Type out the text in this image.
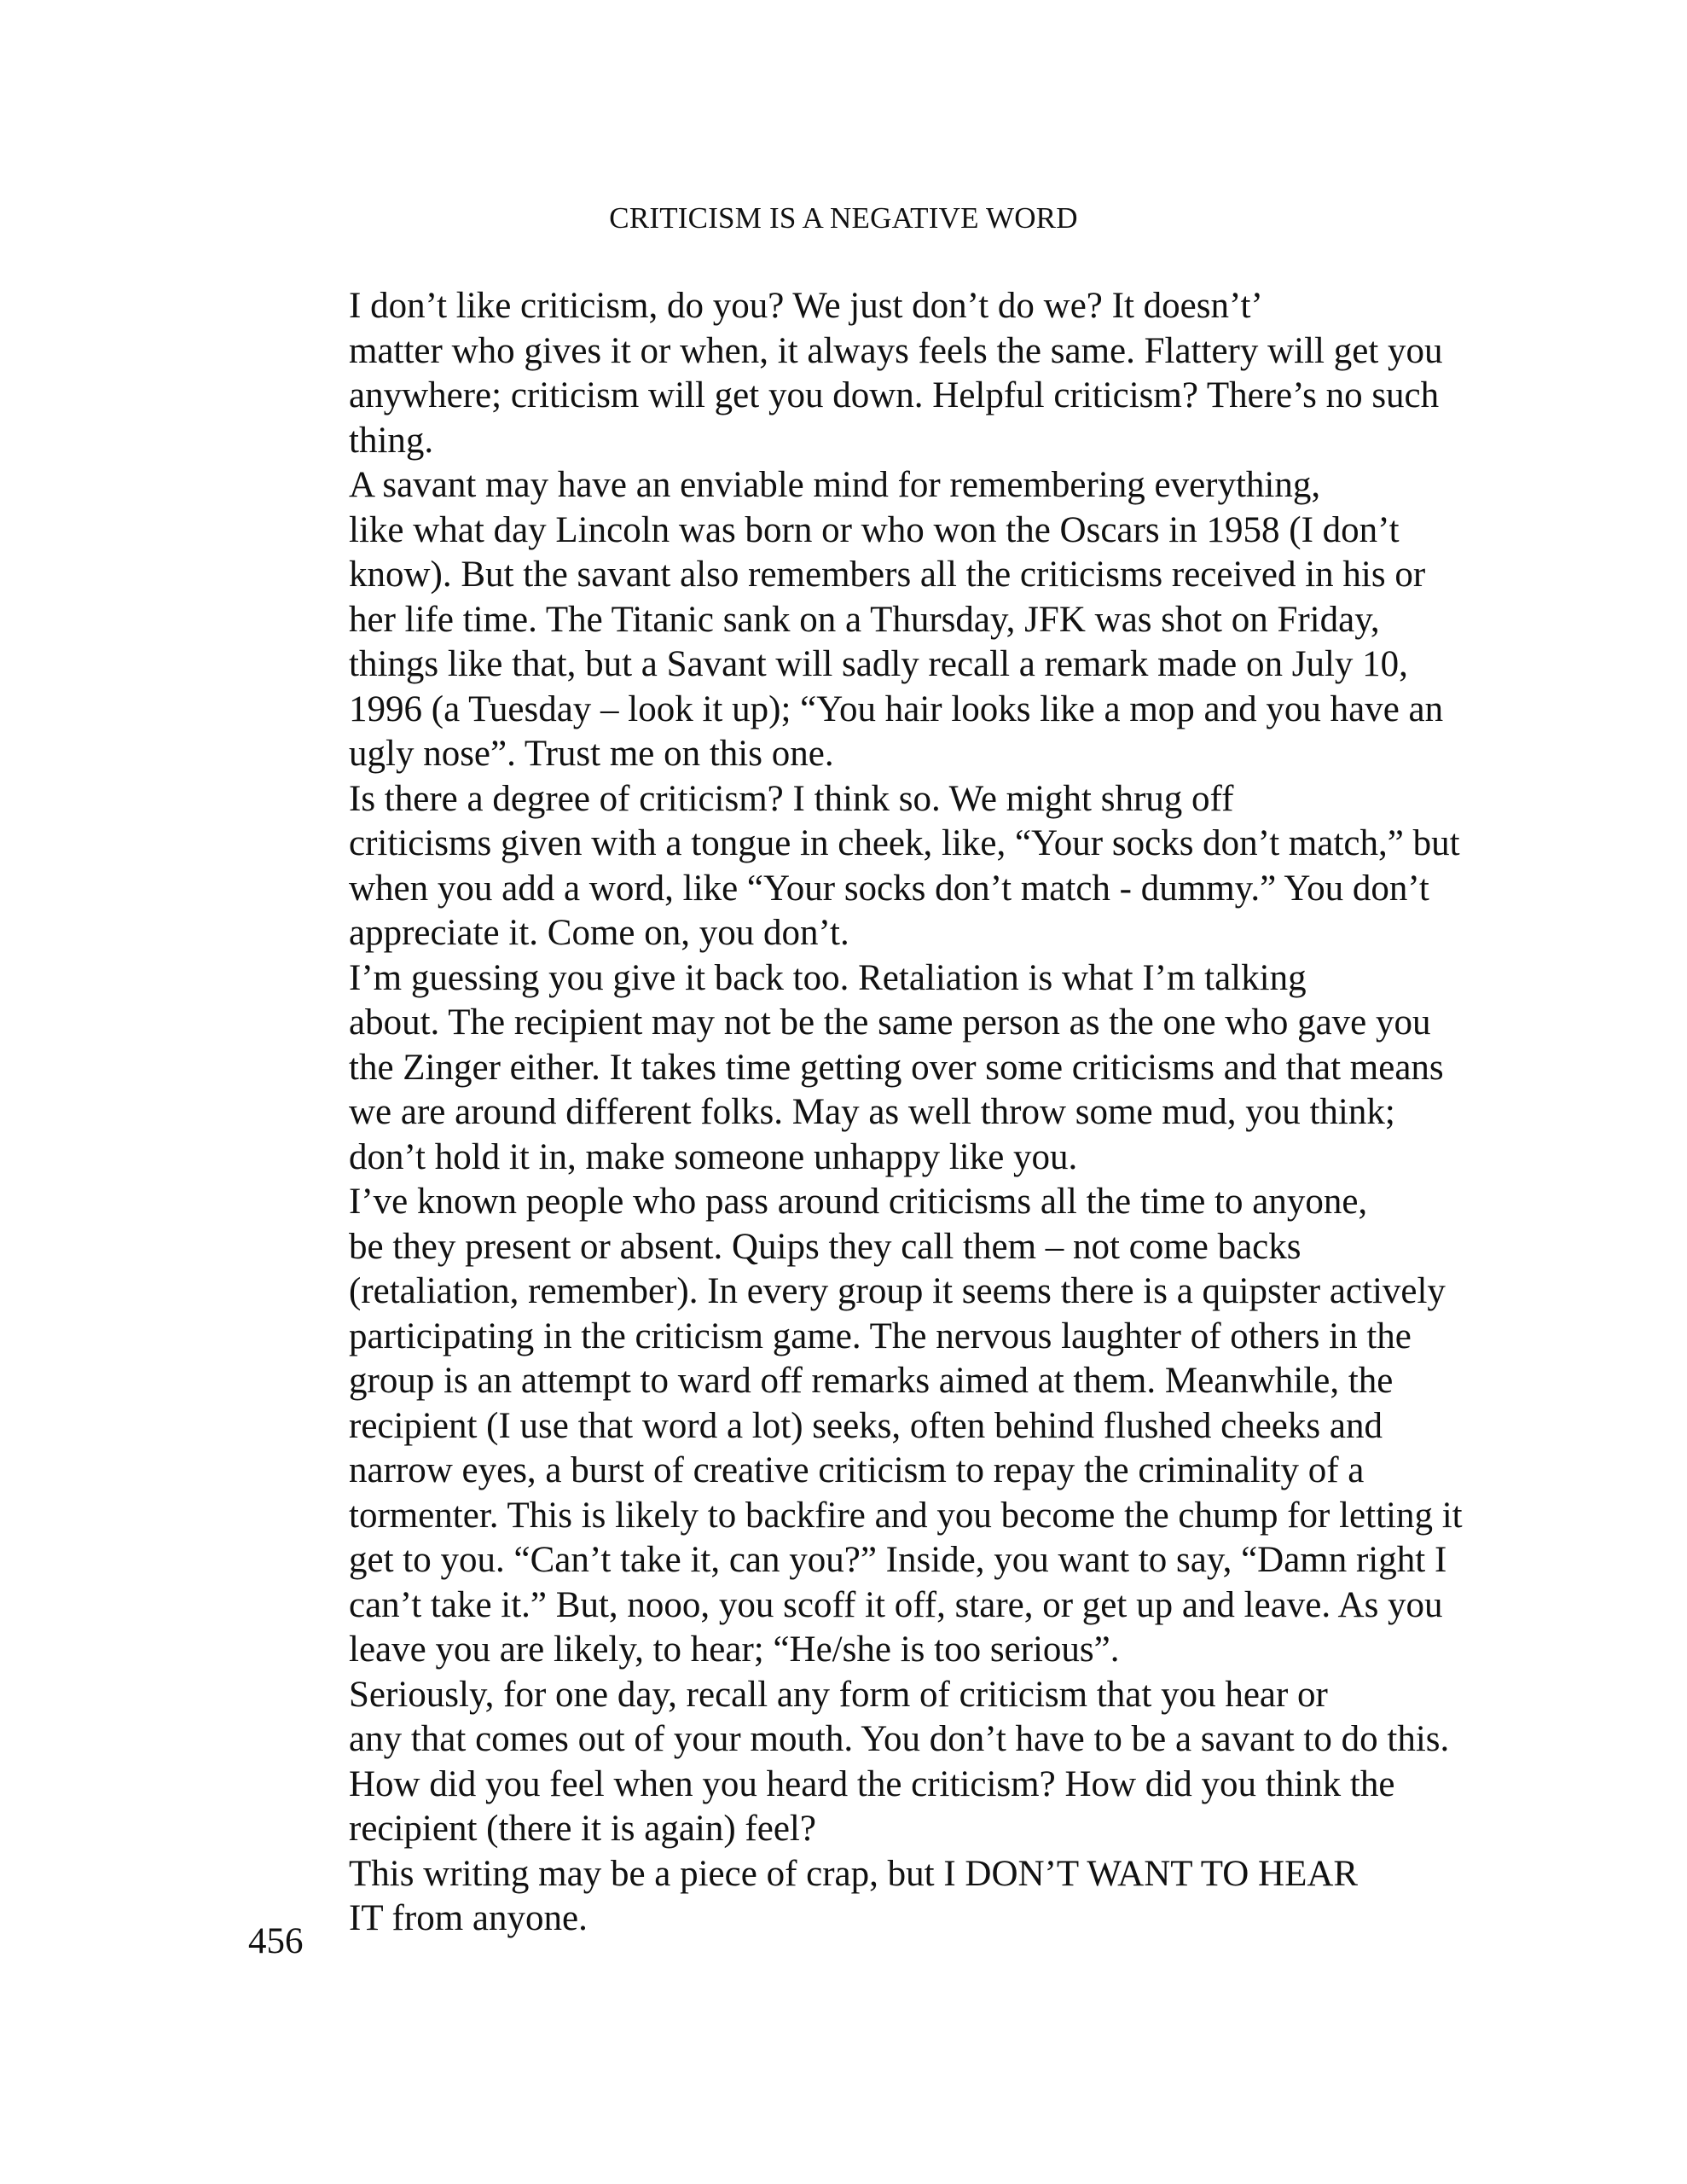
CRITICISM IS A NEGATIVE WORD

I don’t like criticism, do you? We just don’t do we? It doesn’t’
matter who gives it or when, it always feels the same. Flattery will get you
anywhere; criticism will get you down. Helpful criticism? There’s no such
thing.

A savant may have an enviable mind for remembering everything,
like what day Lincoln was born or who won the Oscars in 1958 (I don’t
know). But the savant also remembers all the criticisms received in his or
her life time. The Titanic sank on a Thursday, JFK was shot on Friday,
things like that, but a Savant will sadly recall a remark made on July 10,
1996 (a Tuesday – look it up); “You hair looks like a mop and you have an
ugly nose”. Trust me on this one.

Is there a degree of criticism? I think so. We might shrug off
criticisms given with a tongue in cheek, like, “Your socks don’t match,” but
when you add a word, like “Your socks don’t match - dummy.” You don’t
appreciate it. Come on, you don’t.

I’m guessing you give it back too. Retaliation is what I’m talking
about. The recipient may not be the same person as the one who gave you
the Zinger either. It takes time getting over some criticisms and that means
we are around different folks. May as well throw some mud, you think;
don’t hold it in, make someone unhappy like you.

I’ve known people who pass around criticisms all the time to anyone,
be they present or absent. Quips they call them – not come backs
(retaliation, remember). In every group it seems there is a quipster actively
participating in the criticism game. The nervous laughter of others in the
group is an attempt to ward off remarks aimed at them. Meanwhile, the
recipient (I use that word a lot) seeks, often behind flushed cheeks and
narrow eyes, a burst of creative criticism to repay the criminality of a
tormenter. This is likely to backfire and you become the chump for letting it
get to you. “Can’t take it, can you?” Inside, you want to say, “Damn right I
can’t take it.” But, nooo, you scoff it off, stare, or get up and leave. As you
leave you are likely, to hear; “He/she is too serious”.

Seriously, for one day, recall any form of criticism that you hear or
any that comes out of your mouth. You don’t have to be a savant to do this.
How did you feel when you heard the criticism? How did you think the
recipient (there it is again) feel?

This writing may be a piece of crap, but I DON’T WANT TO HEAR
IT from anyone.

456
